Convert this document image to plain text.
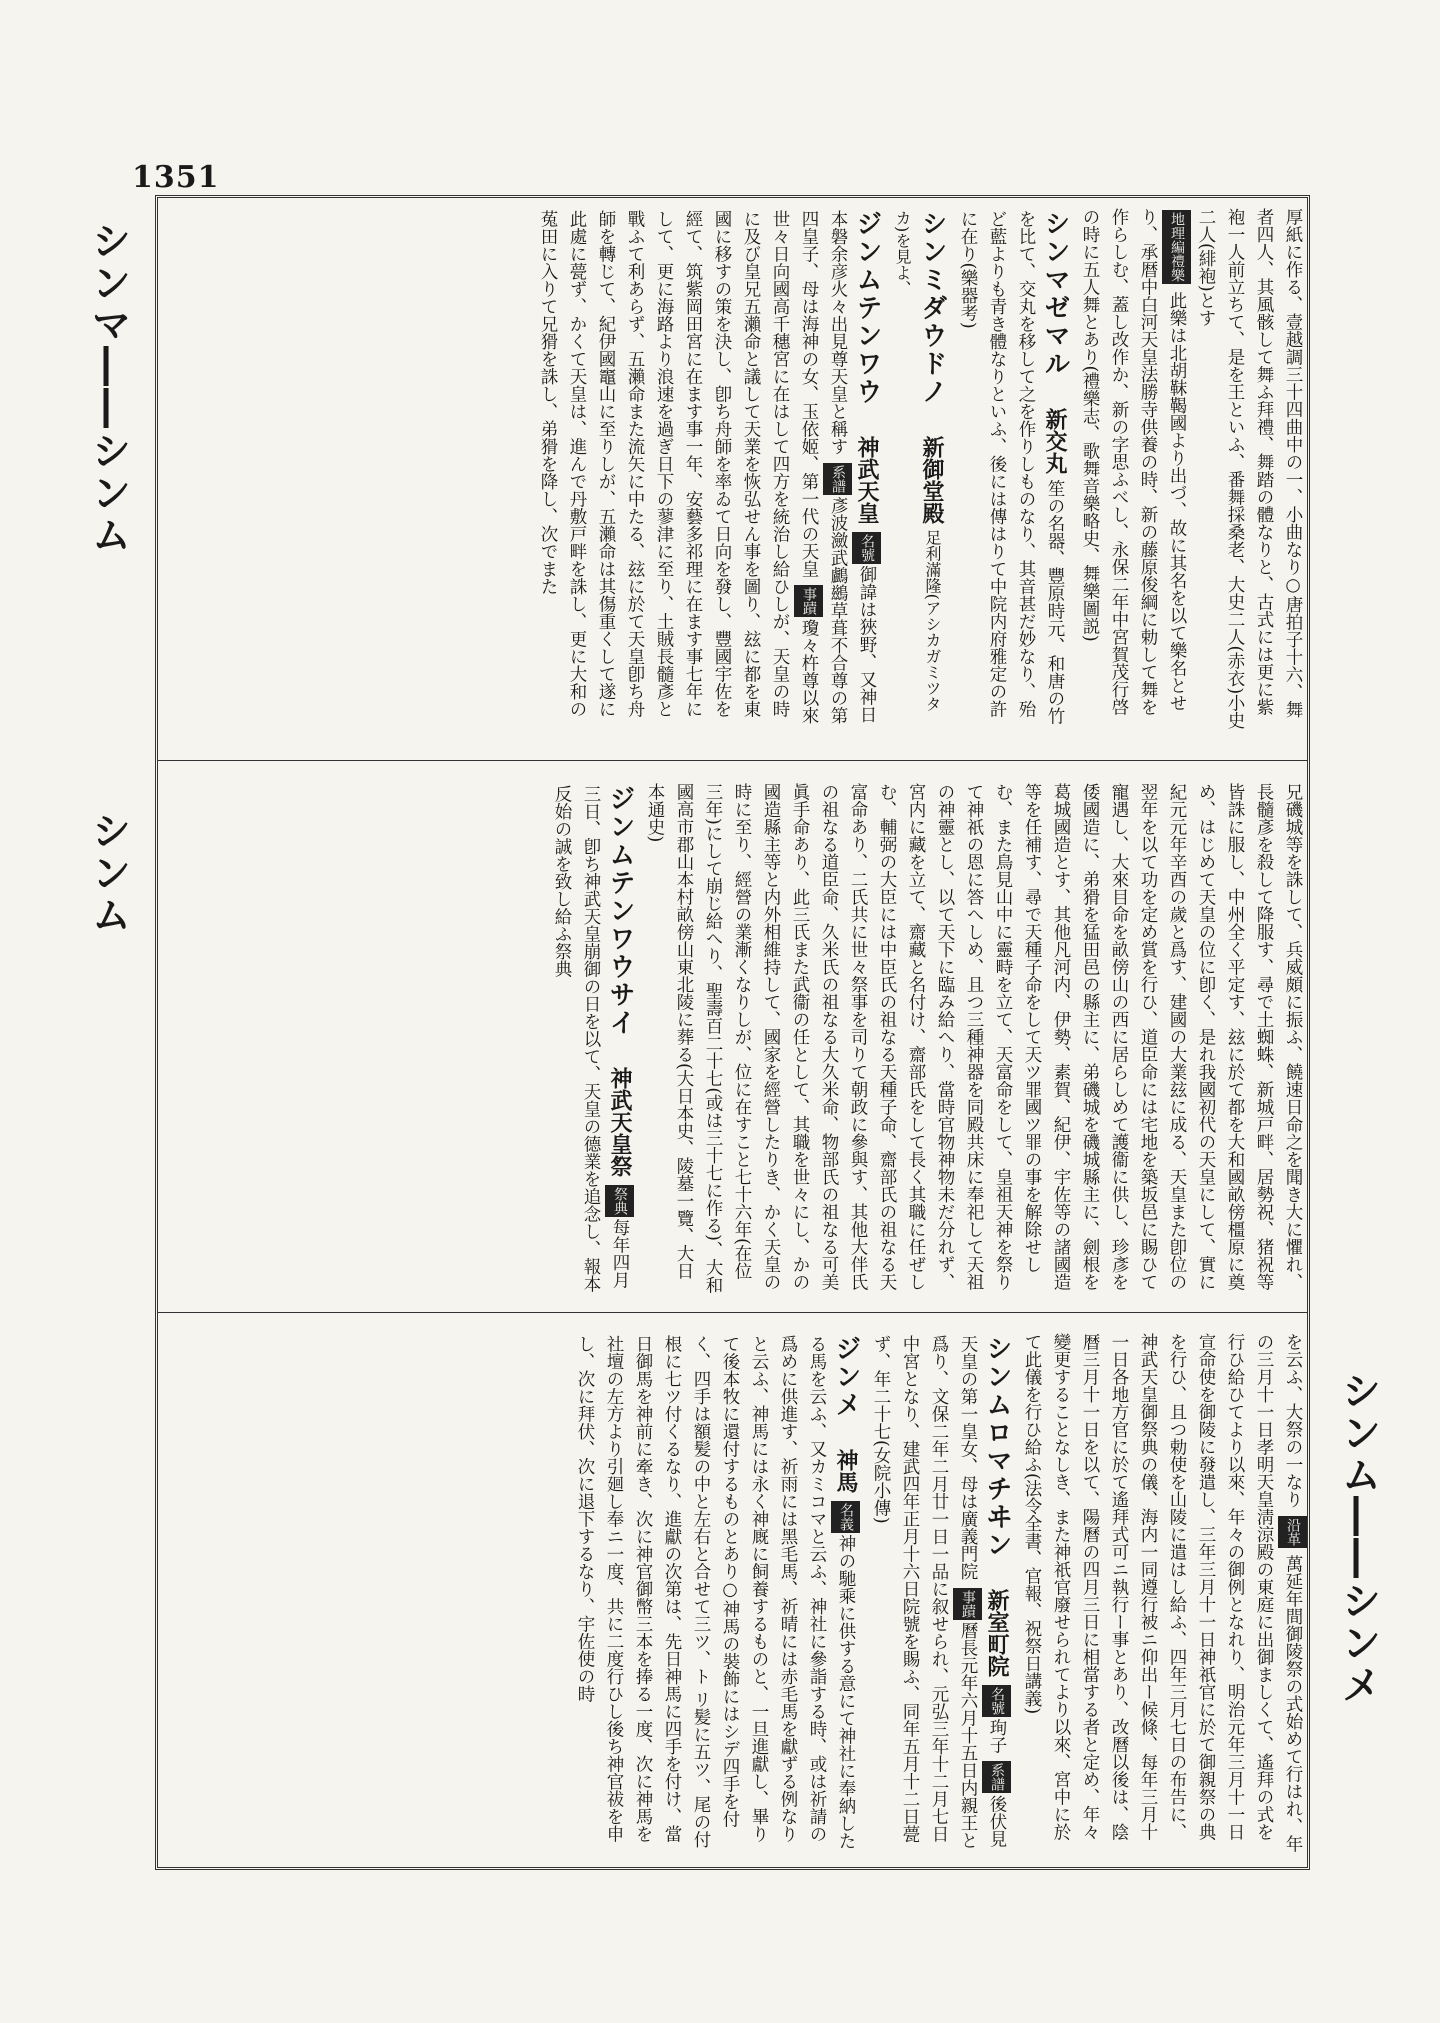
1351
シンマ――シンム
シンム
シンム――シンメ
厚紙に作る、壹越調三十四曲中の一、小曲なり○唐拍子十六、舞者四人、其風骸して舞ふ拜禮、舞踏の體なりと、古式には更に紫袍一人前立ちて、是を王といふ、番舞採桑老、大史二人(赤衣)小史二人(緋袍)とす
地理編禮樂 此樂は北胡靺鞨國より出づ、故に其名を以て樂名とせり、承暦中白河天皇法勝寺供養の時、新の藤原俊綱に勅して舞を作らしむ、蓋し改作か、新の字思ふべし、永保二年中宮賀茂行啓の時に五人舞とあり(禮樂志、歌舞音樂略史、舞樂圖説)
シンマゼマル新交丸 笙の名器、豐原時元、和唐の竹を比て、交丸を移して之を作りしものなり、其音甚だ妙なり、殆ど藍よりも青き體なりといふ、後には傳はりて中院内府雅定の許に在り(樂器考)
シンミダウドノ新御堂殿 足利滿隆(アシカガミツタカ)を見よ、
ジンムテンワウ神武天皇 名號御諱は狹野、又神日本磐余彦火々出見尊天皇と稱す 系譜彥波瀲武鸕鷀草葺不合尊の第四皇子、母は海神の女、玉依姬、第一代の天皇 事蹟瓊々杵尊以來世々日向國高千穗宮に在はして四方を統治し給ひしが、天皇の時に及び皇兄五瀨命と議して天業を恢弘せん事を圖り、玆に都を東國に移すの策を決し、卽ち舟師を率ゐて日向を發し、豐國宇佐を經て、筑紫岡田宮に在ます事一年、安藝多祁理に在ます事七年にして、更に海路より浪速を過ぎ日下の蓼津に至り、土賊長髓彥と戰ふて利あらず、五瀨命また流矢に中たる、玆に於て天皇卽ち舟師を轉じて、紀伊國竈山に至りしが、五瀨命は其傷重くして遂に此處に甍ず、かくて天皇は、進んで丹敷戸畔を誅し、更に大和の菟田に入りて兄猾を誅し、弟猾を降し、次でまた
兄磯城等を誅して、兵威頗に振ふ、饒速日命之を聞き大に懼れ、長髓彥を殺して降服す、尋で土蜘蛛、新城戸畔、居勢祝、猪祝等皆誅に服し、中州全く平定す、玆に於て都を大和國畝傍橿原に奠め、はじめて天皇の位に卽く、是れ我國初代の天皇にして、實に紀元元年辛酉の歲と爲す、建國の大業玆に成る、天皇また卽位の翌年を以て功を定め賞を行ひ、道臣命には宅地を築坂邑に賜ひて寵遇し、大來目命を畝傍山の西に居らしめて護衞に供し、珍彥を倭國造に、弟猾を猛田邑の縣主に、弟磯城を磯城縣主に、劍根を葛城國造とす、其他凡河内、伊勢、素賀、紀伊、宇佐等の諸國造等を任補す、尋で天種子命をして天ツ罪國ツ罪の事を解除せしむ、また鳥見山中に靈畤を立て、天富命をして、皇祖天神を祭りて神祇の恩に答へしめ、且つ三種神器を同殿共床に奉祀して天祖の神靈とし、以て天下に臨み給へり、當時官物神物未だ分れず、宮内に藏を立て、齋藏と名付け、齋部氏をして長く其職に任ぜしむ、輔弼の大臣には中臣氏の祖なる天種子命、齋部氏の祖なる天富命あり、二氏共に世々祭事を司りて朝政に參與す、其他大伴氏の祖なる道臣命、久米氏の祖なる大久米命、物部氏の祖なる可美眞手命あり、此三氏また武衞の任として、其職を世々にし、かの國造縣主等と内外相維持して、國家を經營したりき、かく天皇の時に至り、經營の業漸くなりしが、位に在すこと七十六年(在位三年)にして崩じ給へり、聖壽百二十七(或は三十七に作る)、大和國高市郡山本村畝傍山東北陵に葬る(大日本史、陵墓一覽、大日本通史)
ジンムテンワウサイ神武天皇祭 祭典每年四月三日、卽ち神武天皇崩御の日を以て、天皇の德業を追念し、報本反始の誠を致し給ふ祭典
を云ふ、大祭の一なり 沿革 萬延年間御陵祭の式始めて行はれ、年の三月十一日孝明天皇淸涼殿の東庭に出御ましくて、遙拜の式を行ひ給ひてより以來、年々の御例となれり、明治元年三月十一日宣命使を御陵に發遣し、三年三月十一日神祇官に於て御親祭の典を行ひ、且つ勅使を山陵に遣はし給ふ、四年三月七日の布告に、神武天皇御祭典の儀、海内一同遵行被ニ仰出ー候條、每年三月十一日各地方官に於て遙拜式可ニ執行ー事とあり、改曆以後は、陰暦三月十一日を以て、陽曆の四月三日に相當する者と定め、年々變更することなしき、また神祇官廢せられてより以來、宮中に於て此儀を行ひ給ふ(法令全書、官報、祝祭日講義)
シンムロマチヰン新室町院 名號珣子 系譜後伏見天皇の第一皇女、母は廣義門院 事蹟曆長元年六月十五日内親王と爲り、文保二年二月廿一日一品に叙せられ、元弘三年十二月七日中宮となり、建武四年正月十六日院號を賜ふ、同年五月十二日甍ず、年二十七(女院小傳)
ジンメ神馬 名義神の馳乘に供する意にて神社に奉納したる馬を云ふ、又カミコマと云ふ、神社に參詣する時、或は祈請の爲めに供進す、祈雨には黑毛馬、祈晴には赤毛馬を獻ずる例なりと云ふ、神馬には永く神廐に飼養するものと、一旦進獻し、畢りて後本牧に還付するものとあり○神馬の裝飾にはシデ四手を付く、四手は額髪の中と左右と合せて三ツ、ト リ髪に五ツ、尾の付根に七ツ付くるなり、進獻の次第は、先日神馬に四手を付け、當日御馬を神前に牽き、次に神官御幣三本を捧る一度、次に神馬を社壇の左方より引廻し奉ニ一度、共に二度行ひし後ち神官祓を申し、次に拜伏、次に退下するなり、宇佐使の時
